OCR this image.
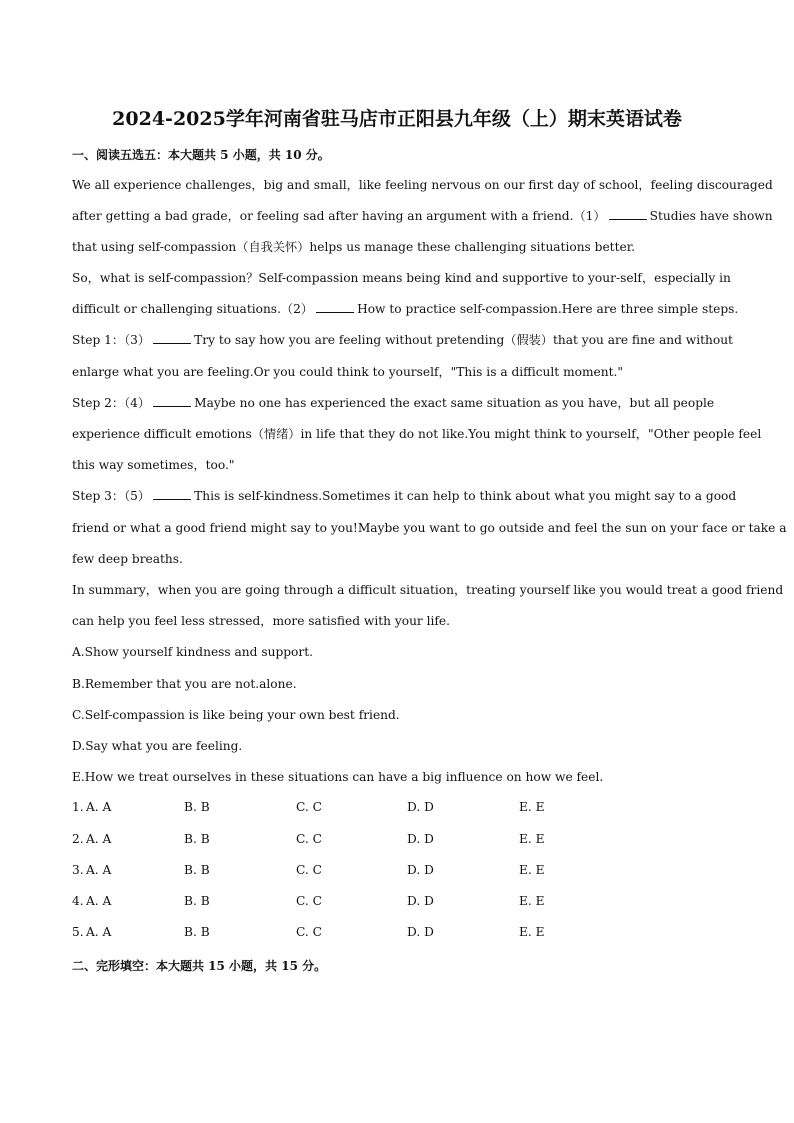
2024-2025学年河南省驻马店市正阳县九年级（上）期末英语试卷
一、阅读五选五：本大题共 5 小题，共 10 分。
We all experience challenges，big and small，like feeling nervous on our first day of school，feeling discouraged
after getting a bad grade，or feeling sad after having an argument with a friend.（1）	Studies have shown
that using self-compassion（自我关怀）helps us manage these challenging situations better.
So，what is self-compassion？Self-compassion means being kind and supportive to your-self，especially in
difficult or challenging situations.（2）	How to practice self-compassion.Here are three simple steps.
Step 1：（3）	Try to say how you are feeling without pretending（假装）that you are fine and without
enlarge what you are feeling.Or you could think to yourself，"This is a difficult moment."
Step 2：（4）	Maybe no one has experienced the exact same situation as you have，but all people
experience difficult emotions（情绪）in life that they do not like.You might think to yourself，"Other people feel
this way sometimes，too."
Step 3：（5）	This is self-kindness.Sometimes it can help to think about what you might say to a good
friend or what a good friend might say to you!Maybe you want to go outside and feel the sun on your face or take a
few deep breaths.
In summary，when you are going through a difficult situation，treating yourself like you would treat a good friend
can help you feel less stressed，more satisfied with your life.
A.Show yourself kindness and support.
B.Remember that you are not.alone.
C.Self-compassion is like being your own best friend.
D.Say what you are feeling.
E.How we treat ourselves in these situations can have a big influence on how we feel.
1. A. A	B. B	C. C	D. D	E. E
2. A. A	B. B	C. C	D. D	E. E
3. A. A	B. B	C. C	D. D	E. E
4. A. A	B. B	C. C	D. D	E. E
5. A. A	B. B	C. C	D. D	E. E
二、完形填空：本大题共 15 小题，共 15 分。
